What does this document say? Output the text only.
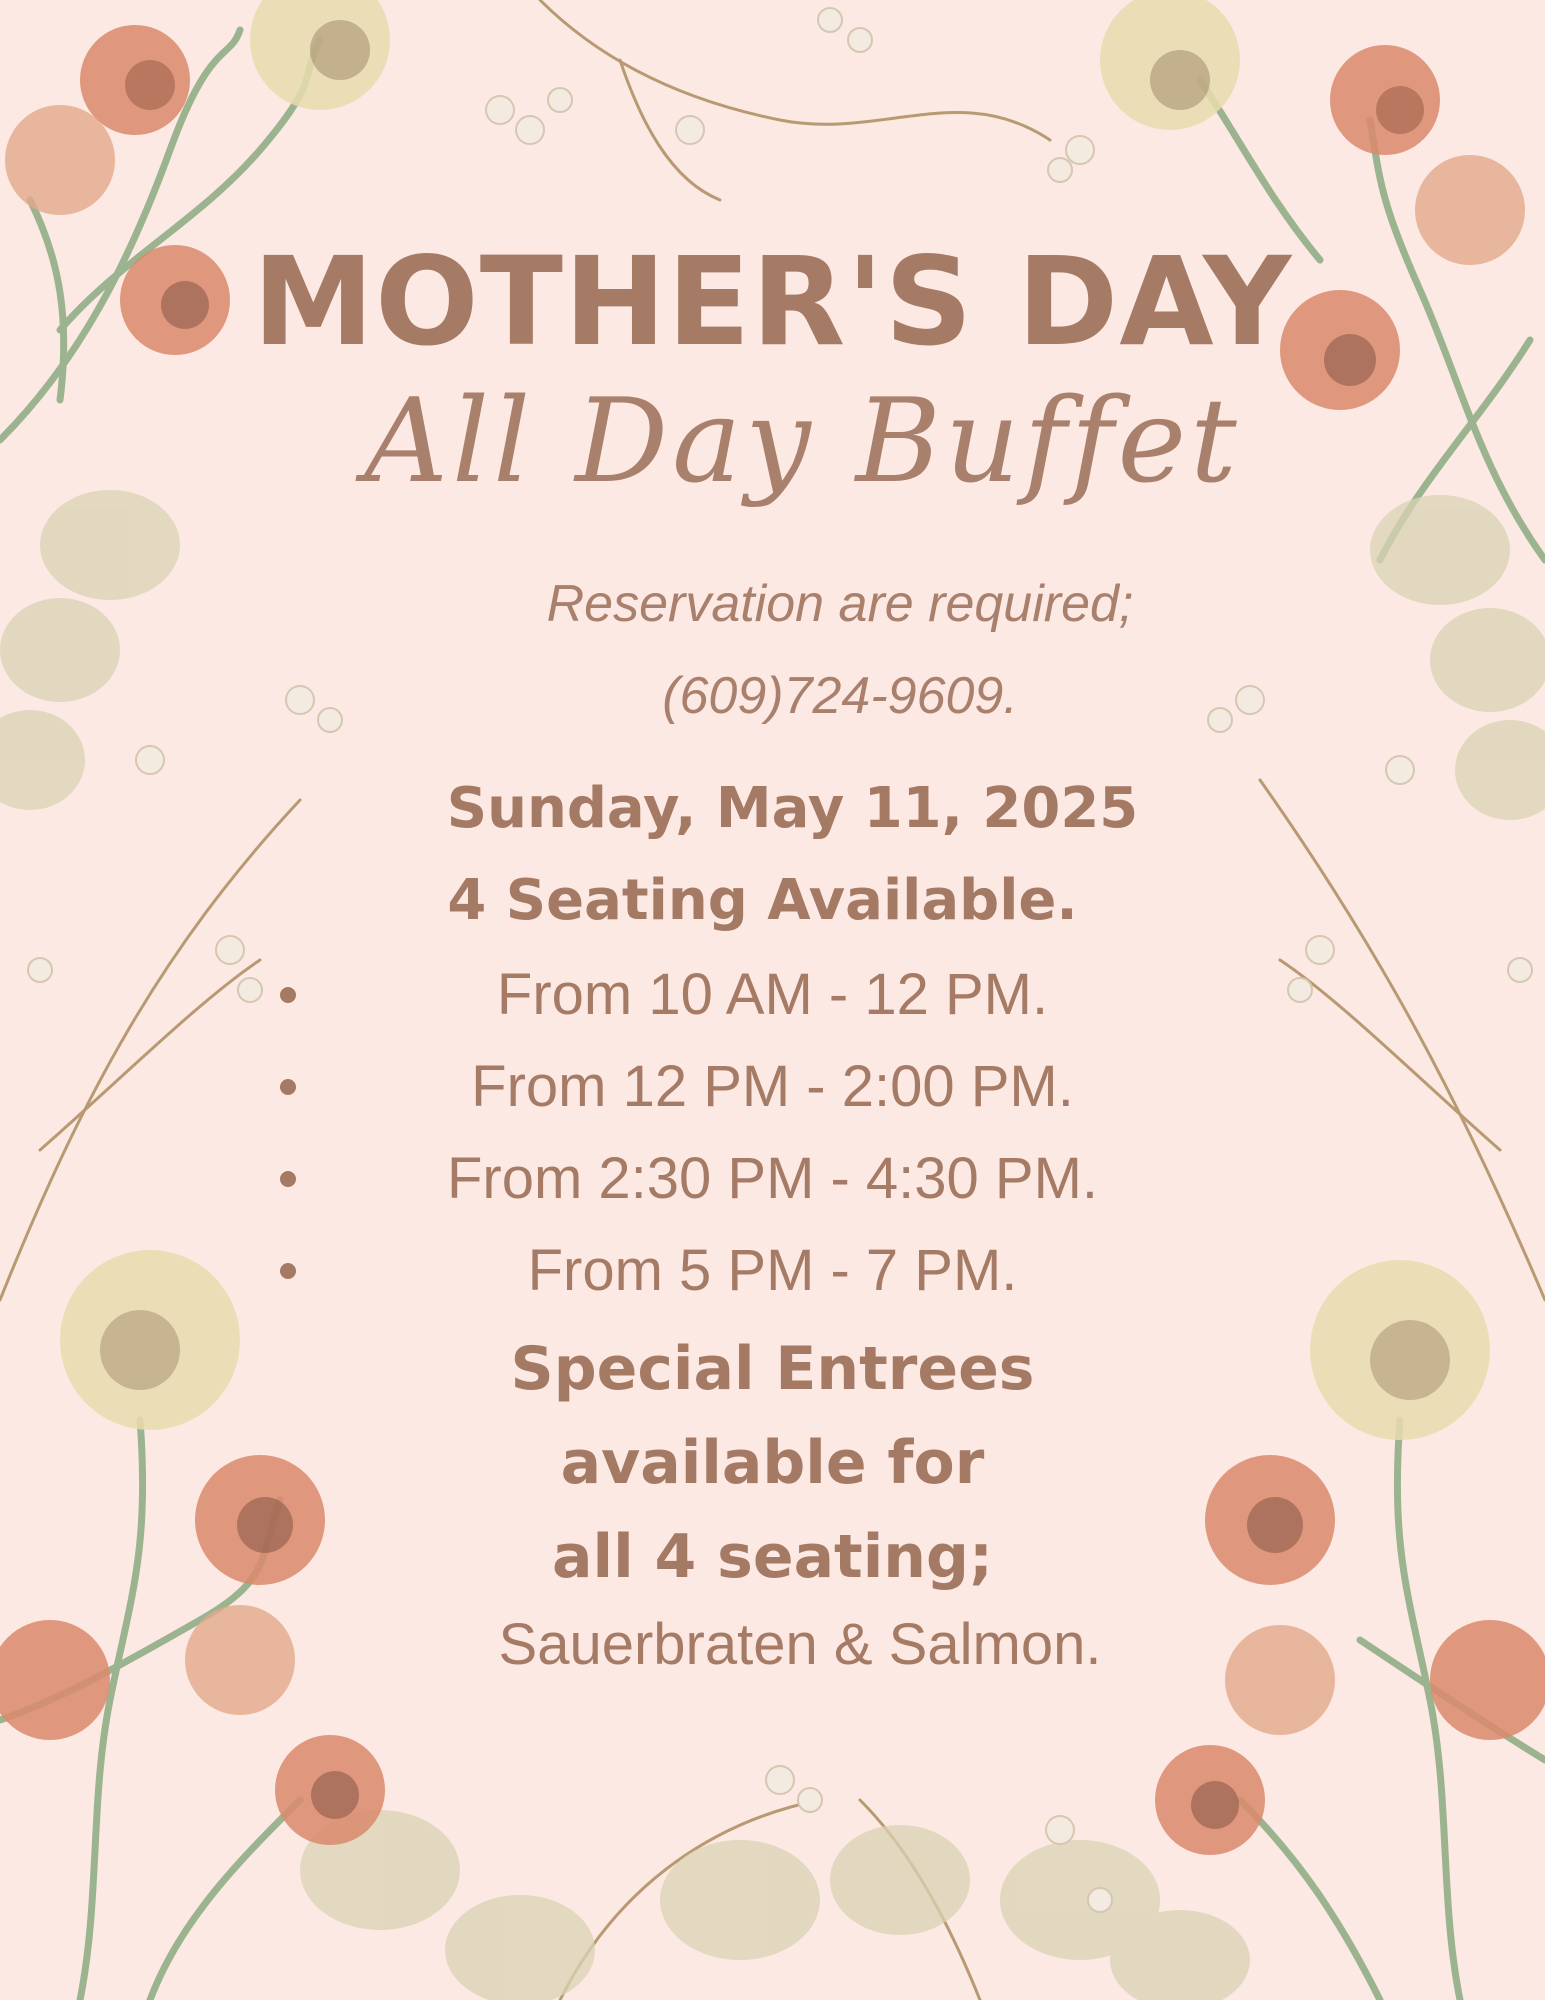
MOTHER'S DAY
All Day Buffet
Reservation are required;
(609)724-9609.
Sunday, May 11, 2025
4 Seating Available.
From 10 AM - 12 PM.
From 12 PM - 2:00 PM.
From 2:30 PM - 4:30 PM.
From 5 PM - 7 PM.
Special Entrees
available for
all 4 seating;
Sauerbraten & Salmon.
